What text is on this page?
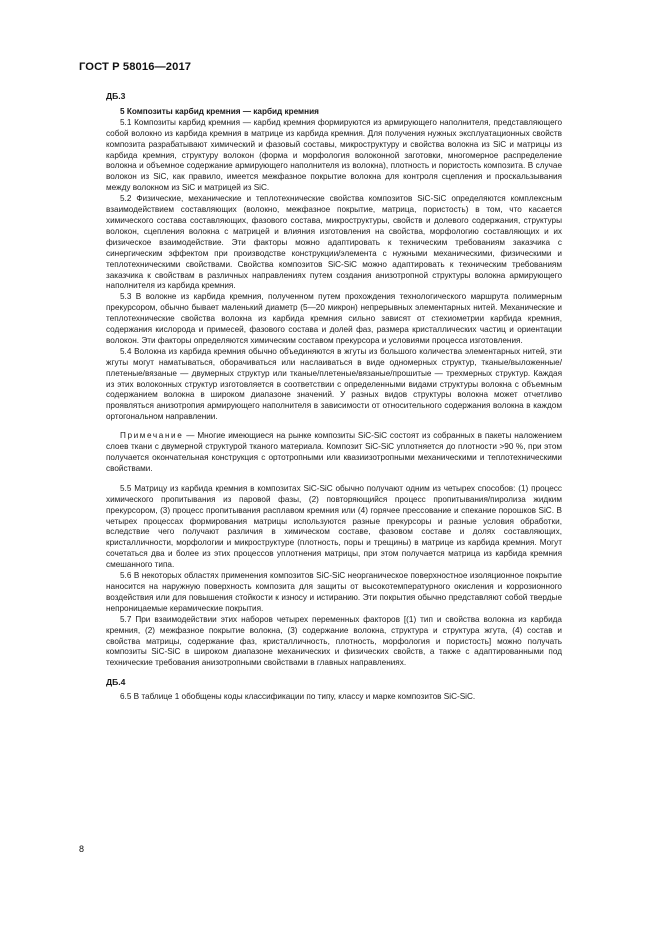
ГОСТ Р 58016—2017

ДБ.3

5 Композиты карбид кремния — карбид кремния

5.1 Композиты карбид кремния — карбид кремния формируются из армирующего наполнителя, представляющего собой волокно из карбида кремния в матрице из карбида кремния. Для получения нужных эксплуатационных свойств композита разрабатывают химический и фазовый составы, микроструктуру и свойства волокна из SiC и матрицы из карбида кремния, структуру волокон (форма и морфология волоконной заготовки, многомерное распределение волокна и объемное содержание армирующего наполнителя из волокна), плотность и пористость композита. В случае волокон из SiC, как правило, имеется межфазное покрытие волокна для контроля сцепления и проскальзывания между волокном из SiC и матрицей из SiC.

5.2 Физические, механические и теплотехнические свойства композитов SiC-SiC определяются комплексным взаимодействием составляющих (волокно, межфазное покрытие, матрица, пористость) в том, что касается химического состава составляющих, фазового состава, микроструктуры, свойств и долевого содержания, структуры волокон, сцепления волокна с матрицей и влияния изготовления на свойства, морфологию составляющих и их физическое взаимодействие. Эти факторы можно адаптировать к техническим требованиям заказчика с синергическим эффектом при производстве конструкции/элемента с нужными механическими, физическими и теплотехническими свойствами. Свойства композитов SiC-SiC можно адаптировать к техническим требованиям заказчика к свойствам в различных направлениях путем создания анизотропной структуры волокна армирующего наполнителя из карбида кремния.

5.3 В волокне из карбида кремния, полученном путем прохождения технологического маршрута полимерным прекурсором, обычно бывает маленький диаметр (5—20 микрон) непрерывных элементарных нитей. Механические и теплотехнические свойства волокна из карбида кремния сильно зависят от стехиометрии карбида кремния, содержания кислорода и примесей, фазового состава и долей фаз, размера кристаллических частиц и ориентации волокон. Эти факторы определяются химическим составом прекурсора и условиями процесса изготовления.

5.4 Волокна из карбида кремния обычно объединяются в жгуты из большого количества элементарных нитей, эти жгуты могут наматываться, оборачиваться или наслаиваться в виде одномерных структур, тканые/выложенные/плетеные/вязаные — двумерных структур или тканые/плетеные/вязаные/прошитые — трехмерных структур. Каждая из этих волоконных структур изготовляется в соответствии с определенными видами структуры волокна с объемным содержанием волокна в широком диапазоне значений. У разных видов структуры волокна может отчетливо проявляться анизотропия армирующего наполнителя в зависимости от относительного содержания волокна в каждом ортогональном направлении.

Примечание — Многие имеющиеся на рынке композиты SiC-SiC состоят из собранных в пакеты наложением слоев ткани с двумерной структурой тканого материала. Композит SiC-SiC уплотняется до плотности >90 %, при этом получается окончательная конструкция с ортотропными или квазиизотропными механическими и теплотехническими свойствами.

5.5 Матрицу из карбида кремния в композитах SiC-SiC обычно получают одним из четырех способов: (1) процесс химического пропитывания из паровой фазы, (2) повторяющийся процесс пропитывания/пиролиза жидким прекурсором, (3) процесс пропитывания расплавом кремния или (4) горячее прессование и спекание порошков SiC. В четырех процессах формирования матрицы используются разные прекурсоры и разные условия обработки, вследствие чего получают различия в химическом составе, фазовом составе и долях составляющих, кристалличности, морфологии и микроструктуре (плотность, поры и трещины) в матрице из карбида кремния. Могут сочетаться два и более из этих процессов уплотнения матрицы, при этом получается матрица из карбида кремния смешанного типа.

5.6 В некоторых областях применения композитов SiC-SiC неорганическое поверхностное изоляционное покрытие наносится на наружную поверхность композита для защиты от высокотемпературного окисления и коррозионного воздействия или для повышения стойкости к износу и истиранию. Эти покрытия обычно представляют собой твердые непроницаемые керамические покрытия.

5.7 При взаимодействии этих наборов четырех переменных факторов [(1) тип и свойства волокна из карбида кремния, (2) межфазное покрытие волокна, (3) содержание волокна, структура и структура жгута, (4) состав и свойства матрицы, содержание фаз, кристалличность, плотность, морфология и пористость] можно получать композиты SiC-SiC в широком диапазоне механических и физических свойств, а также с адаптированными под технические требования анизотропными свойствами в главных направлениях.

ДБ.4

6.5 В таблице 1 обобщены коды классификации по типу, классу и марке композитов SiC-SiC.

8
